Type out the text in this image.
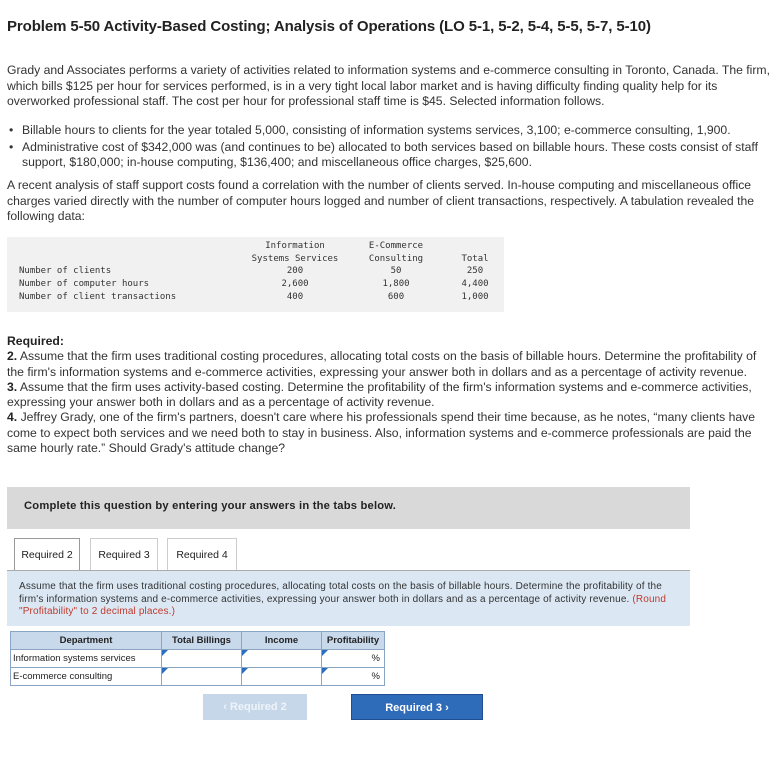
Problem 5-50 Activity-Based Costing; Analysis of Operations (LO 5-1, 5-2, 5-4, 5-5, 5-7, 5-10)
Grady and Associates performs a variety of activities related to information systems and e-commerce consulting in Toronto, Canada. The firm, which bills $125 per hour for services performed, is in a very tight local labor market and is having difficulty finding quality help for its overworked professional staff. The cost per hour for professional staff time is $45. Selected information follows.
• Billable hours to clients for the year totaled 5,000, consisting of information systems services, 3,100; e-commerce consulting, 1,900.
• Administrative cost of $342,000 was (and continues to be) allocated to both services based on billable hours. These costs consist of staff support, $180,000; in-house computing, $136,400; and miscellaneous office charges, $25,600.
A recent analysis of staff support costs found a correlation with the number of clients served. In-house computing and miscellaneous office charges varied directly with the number of computer hours logged and number of client transactions, respectively. A tabulation revealed the following data:
Information
Systems Services
E-Commerce
Consulting	Total
Number of clients	200	50	250
Number of computer hours	2,600	1,800	4,400
Number of client transactions	400	600	1,000
Required:
2. Assume that the firm uses traditional costing procedures, allocating total costs on the basis of billable hours. Determine the profitability of the firm's information systems and e-commerce activities, expressing your answer both in dollars and as a percentage of activity revenue.
3. Assume that the firm uses activity-based costing. Determine the profitability of the firm's information systems and e-commerce activities, expressing your answer both in dollars and as a percentage of activity revenue.
4. Jeffrey Grady, one of the firm's partners, doesn't care where his professionals spend their time because, as he notes, “many clients have come to expect both services and we need both to stay in business. Also, information systems and e-commerce professionals are paid the same hourly rate.” Should Grady's attitude change?
Complete this question by entering your answers in the tabs below.
Required 2	Required 3	Required 4
Assume that the firm uses traditional costing procedures, allocating total costs on the basis of billable hours. Determine the profitability of the firm's information systems and e-commerce activities, expressing your answer both in dollars and as a percentage of activity revenue. (Round "Profitability" to 2 decimal places.)
Department	Total Billings	Income	Profitability
Information systems services			%
E-commerce consulting			%
‹ Required 2	Required 3 ›
